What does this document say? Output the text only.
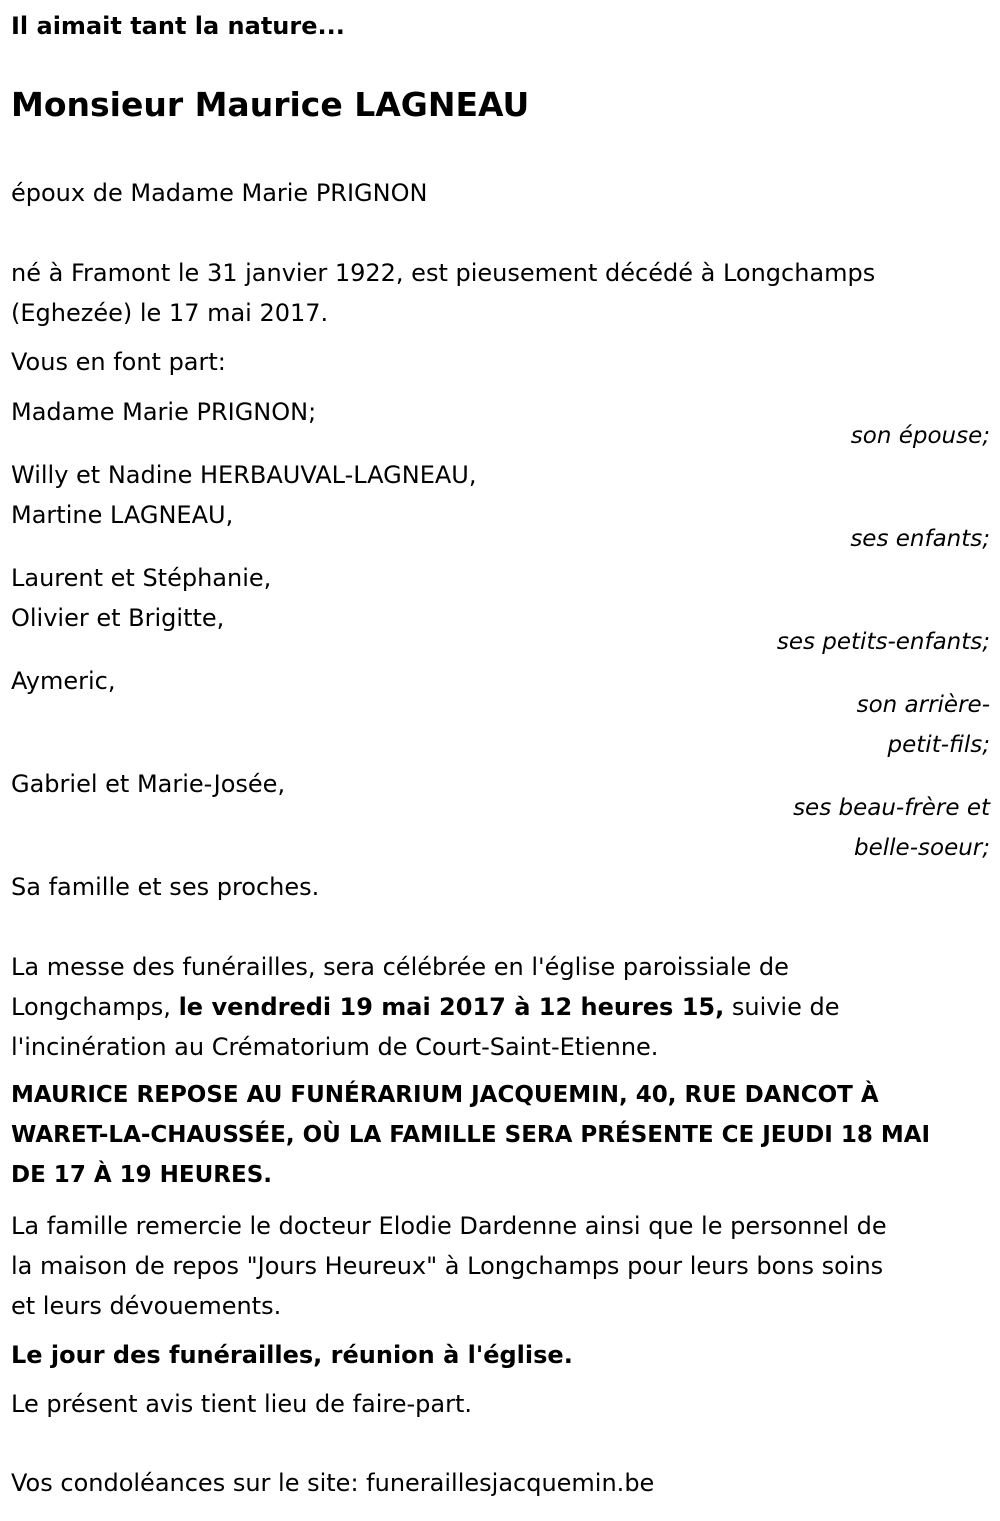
Il aimait tant la nature...
Monsieur Maurice LAGNEAU
époux de Madame Marie PRIGNON
né à Framont le 31 janvier 1922, est pieusement décédé à Longchamps
(Eghezée) le 17 mai 2017.
Vous en font part:
Madame Marie PRIGNON;
son épouse;
Willy et Nadine HERBAUVAL-LAGNEAU,
Martine LAGNEAU,
ses enfants;
Laurent et Stéphanie,
Olivier et Brigitte,
ses petits-enfants;
Aymeric,
son arrière-
petit-fils;
Gabriel et Marie-Josée,
ses beau-frère et
belle-soeur;
Sa famille et ses proches.
La messe des funérailles, sera célébrée en l'église paroissiale de
Longchamps, le vendredi 19 mai 2017 à 12 heures 15, suivie de
l'incinération au Crématorium de Court-Saint-Etienne.
MAURICE REPOSE AU FUNÉRARIUM JACQUEMIN, 40, RUE DANCOT À
WARET-LA-CHAUSSÉE, OÙ LA FAMILLE SERA PRÉSENTE CE JEUDI 18 MAI
DE 17 À 19 HEURES.
La famille remercie le docteur Elodie Dardenne ainsi que le personnel de
la maison de repos "Jours Heureux" à Longchamps pour leurs bons soins
et leurs dévouements.
Le jour des funérailles, réunion à l'église.
Le présent avis tient lieu de faire-part.
Vos condoléances sur le site: funeraillesjacquemin.be
